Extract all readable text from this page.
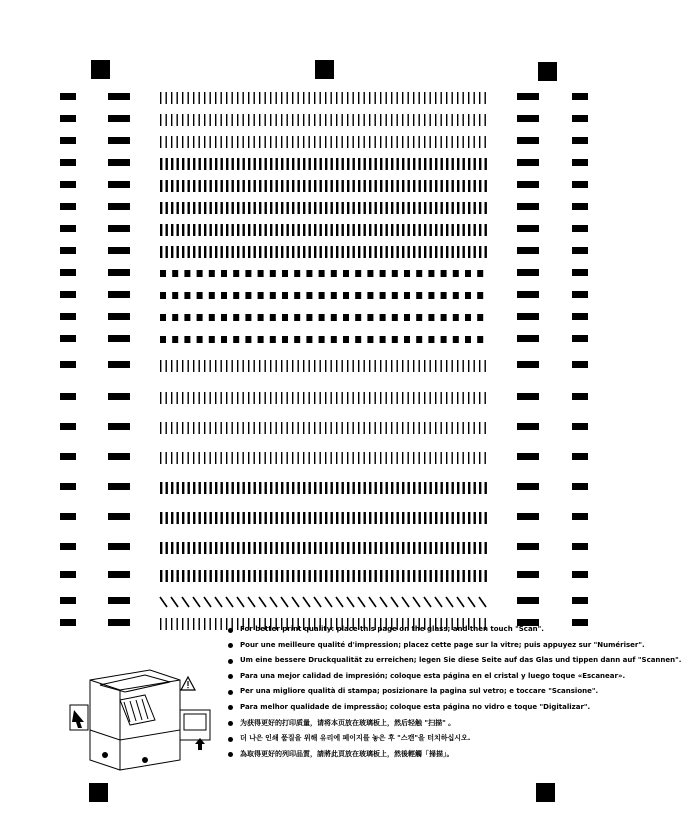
For better print quality: place this page on the glass; and then touch "Scan".
Pour une meilleure qualité d'impression; placez cette page sur la vitre; puis appuyez sur "Numériser".
Um eine bessere Druckqualität zu erreichen; legen Sie diese Seite auf das Glas und tippen dann auf "Scannen".
Para una mejor calidad de impresión; coloque esta página en el cristal y luego toque «Escanear».
Per una migliore qualità di stampa; posizionare la pagina sul vetro; e toccare "Scansione".
Para melhor qualidade de impressão; coloque esta página no vidro e toque "Digitalizar".
为获得更好的打印质量，请将本页放在玻璃板上，然后轻触 "扫描" 。
더 나은 인쇄 품질을 위해 유리에 페이지를 놓은 후 "스캔"을 터치하십시오.
為取得更好的列印品質，請將此頁放在玻璃板上，然後輕觸「掃描」。
